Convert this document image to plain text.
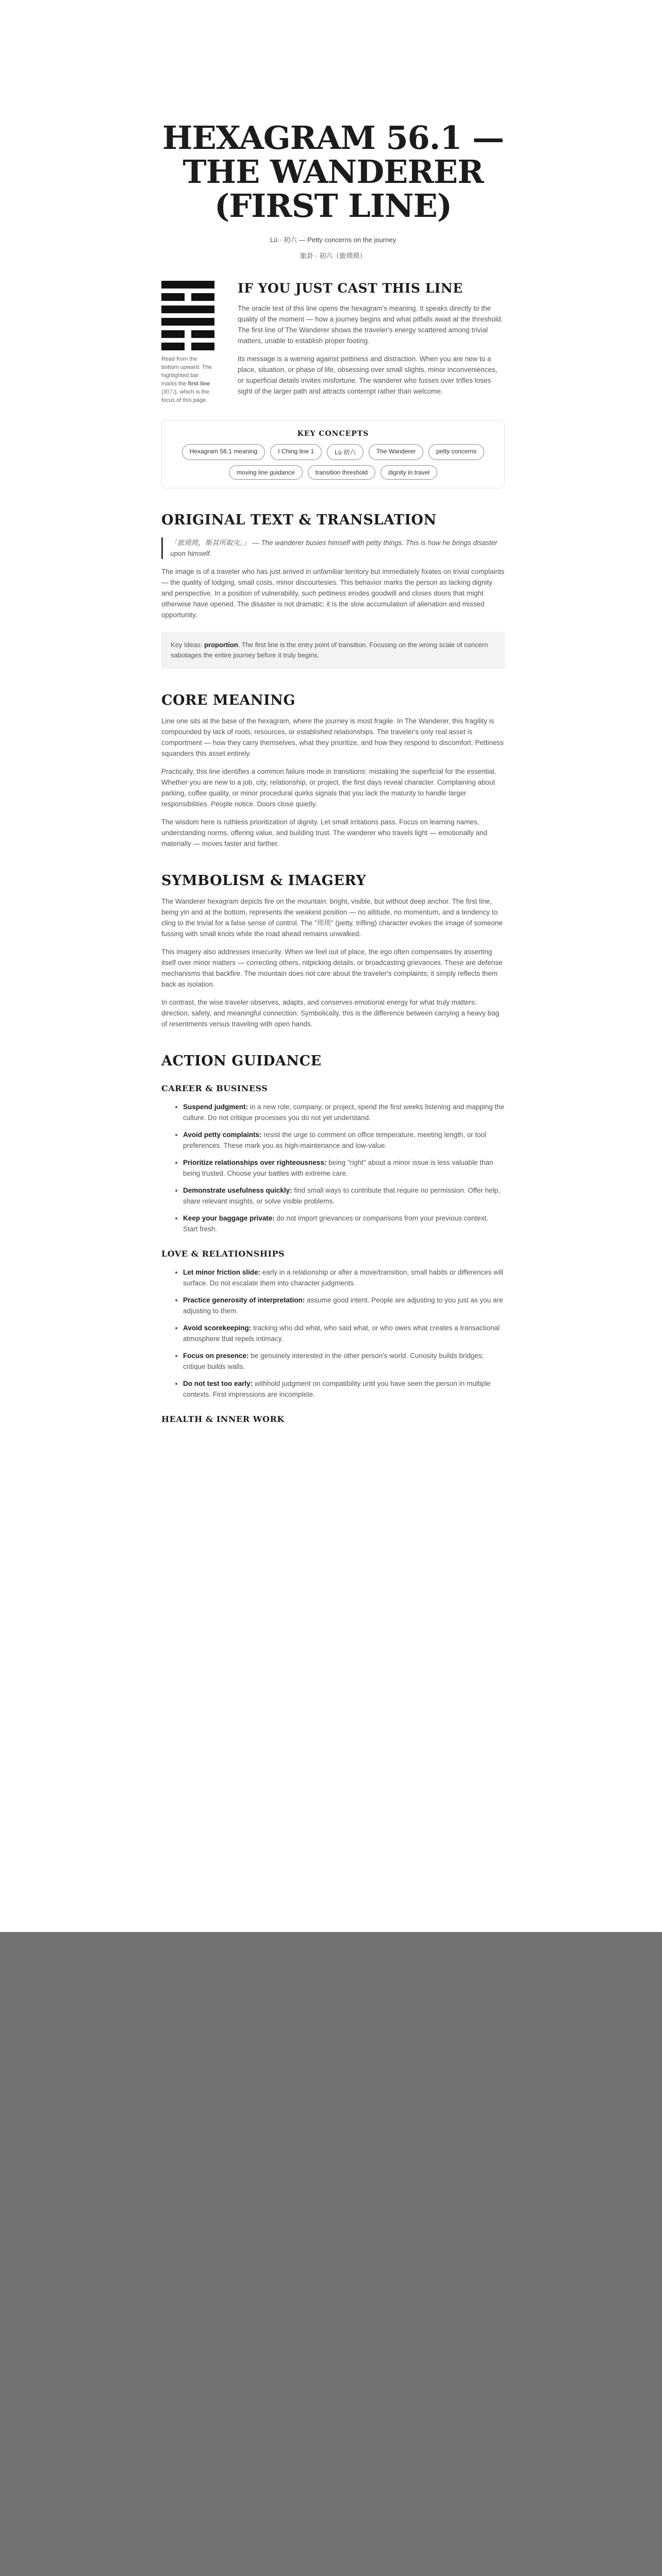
HEXAGRAM 56.1 — THE WANDERER (FIRST LINE)
Lü · 初六 — Petty concerns on the journey
旅卦 · 初六（旅琐琐）
Read from the bottom upward. The highlighted bar marks the first line (初六), which is the focus of this page.
IF YOU JUST CAST THIS LINE

The oracle text of this line opens the hexagram's meaning. It speaks directly to the quality of the moment — how a journey begins and what pitfalls await at the threshold. The first line of The Wanderer shows the traveler's energy scattered among trivial matters, unable to establish proper footing.

Its message is a warning against pettiness and distraction. When you are new to a place, situation, or phase of life, obsessing over small slights, minor inconveniences, or superficial details invites misfortune. The wanderer who fusses over trifles loses sight of the larger path and attracts contempt rather than welcome.

KEY CONCEPTS
Hexagram 56.1 meaning	I Ching line 1	Lü 初六	The Wanderer	petty concerns
moving line guidance	transition threshold	dignity in travel
ORIGINAL TEXT & TRANSLATION
「旅琐琐，斯其所取灾。」 — The wanderer busies himself with petty things. This is how he brings disaster upon himself.

The image is of a traveler who has just arrived in unfamiliar territory but immediately fixates on trivial complaints — the quality of lodging, small costs, minor discourtesies. This behavior marks the person as lacking dignity and perspective. In a position of vulnerability, such pettiness erodes goodwill and closes doors that might otherwise have opened. The disaster is not dramatic; it is the slow accumulation of alienation and missed opportunity.

Key Ideas: proportion. The first line is the entry point of transition. Focusing on the wrong scale of concern sabotages the entire journey before it truly begins.
CORE MEANING

Line one sits at the base of the hexagram, where the journey is most fragile. In The Wanderer, this fragility is compounded by lack of roots, resources, or established relationships. The traveler's only real asset is comportment — how they carry themselves, what they prioritize, and how they respond to discomfort. Pettiness squanders this asset entirely.

Practically, this line identifies a common failure mode in transitions: mistaking the superficial for the essential. Whether you are new to a job, city, relationship, or project, the first days reveal character. Complaining about parking, coffee quality, or minor procedural quirks signals that you lack the maturity to handle larger responsibilities. People notice. Doors close quietly.

The wisdom here is ruthless prioritization of dignity. Let small irritations pass. Focus on learning names, understanding norms, offering value, and building trust. The wanderer who travels light — emotionally and materially — moves faster and farther.

SYMBOLISM & IMAGERY

The Wanderer hexagram depicts fire on the mountain: bright, visible, but without deep anchor. The first line, being yin and at the bottom, represents the weakest position — no altitude, no momentum, and a tendency to cling to the trivial for a false sense of control. The "琐琐" (petty, trifling) character evokes the image of someone fussing with small knots while the road ahead remains unwalked.

This imagery also addresses insecurity. When we feel out of place, the ego often compensates by asserting itself over minor matters — correcting others, nitpicking details, or broadcasting grievances. These are defense mechanisms that backfire. The mountain does not care about the traveler's complaints; it simply reflects them back as isolation.

In contrast, the wise traveler observes, adapts, and conserves emotional energy for what truly matters: direction, safety, and meaningful connection. Symbolically, this is the difference between carrying a heavy bag of resentments versus traveling with open hands.

ACTION GUIDANCE
CAREER & BUSINESS
• Suspend judgment: in a new role, company, or project, spend the first weeks listening and mapping the culture. Do not critique processes you do not yet understand.
• Avoid petty complaints: resist the urge to comment on office temperature, meeting length, or tool preferences. These mark you as high-maintenance and low-value.
• Prioritize relationships over righteousness: being "right" about a minor issue is less valuable than being trusted. Choose your battles with extreme care.
• Demonstrate usefulness quickly: find small ways to contribute that require no permission. Offer help, share relevant insights, or solve visible problems.
• Keep your baggage private: do not import grievances or comparisons from your previous context. Start fresh.
LOVE & RELATIONSHIPS
• Let minor friction slide: early in a relationship or after a move/transition, small habits or differences will surface. Do not escalate them into character judgments.
• Practice generosity of interpretation: assume good intent. People are adjusting to you just as you are adjusting to them.
• Avoid scorekeeping: tracking who did what, who said what, or who owes what creates a transactional atmosphere that repels intimacy.
• Focus on presence: be genuinely interested in the other person's world. Curiosity builds bridges; critique builds walls.
• Do not test too early: withhold judgment on compatibility until you have seen the person in multiple contexts. First impressions are incomplete.
HEALTH & INNER WORK
